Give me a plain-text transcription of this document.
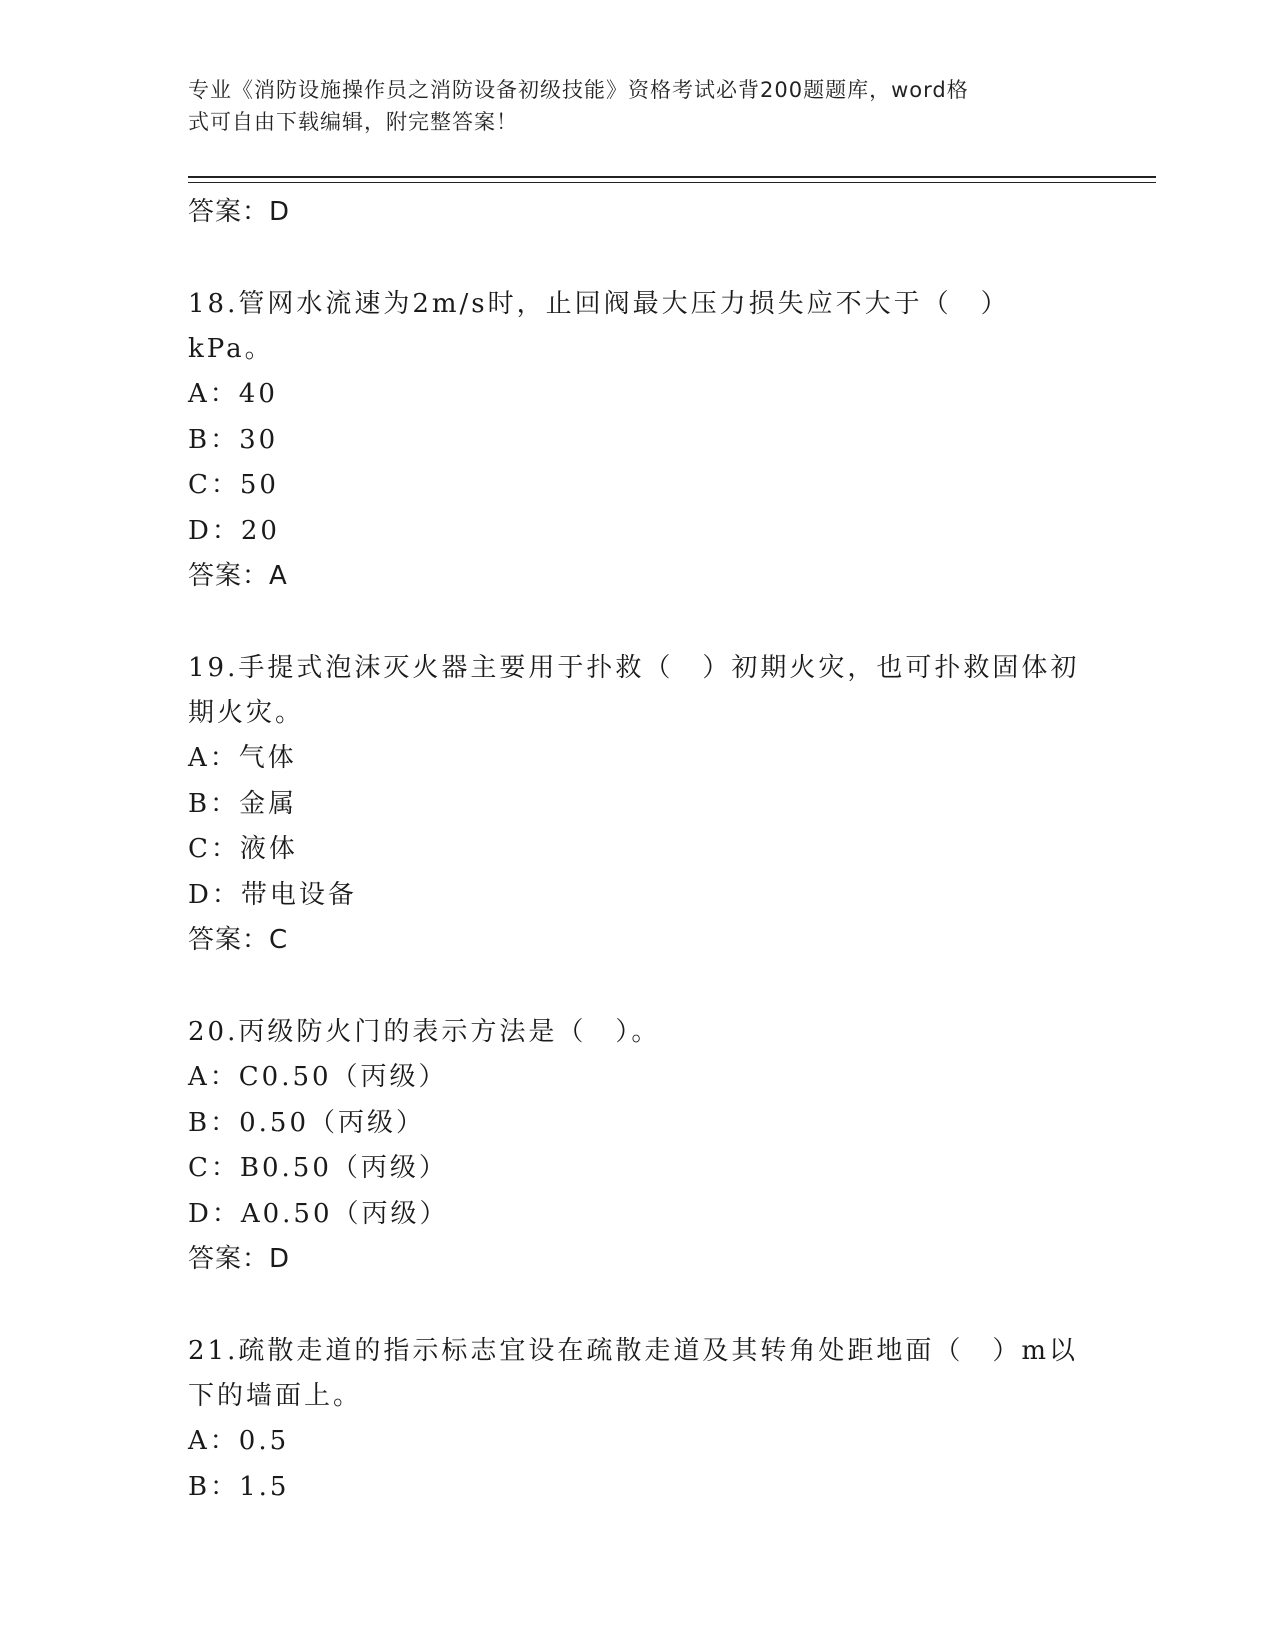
专业《消防设施操作员之消防设备初级技能》资格考试必背200题题库，word格
式可自由下载编辑，附完整答案！
答案：D
18.管网水流速为2m/s时，止回阀最大压力损失应不大于（　）kPa。
A：40
B：30
C：50
D：20
答案：A
19.手提式泡沫灭火器主要用于扑救（　）初期火灾，也可扑救固体初期火灾。
A：气体
B：金属
C：液体
D：带电设备
答案：C
20.丙级防火门的表示方法是（　）。
A：C0.50（丙级）
B：0.50（丙级）
C：B0.50（丙级）
D：A0.50（丙级）
答案：D
21.疏散走道的指示标志宜设在疏散走道及其转角处距地面（　）m以下的墙面上。
A：0.5
B：1.5
